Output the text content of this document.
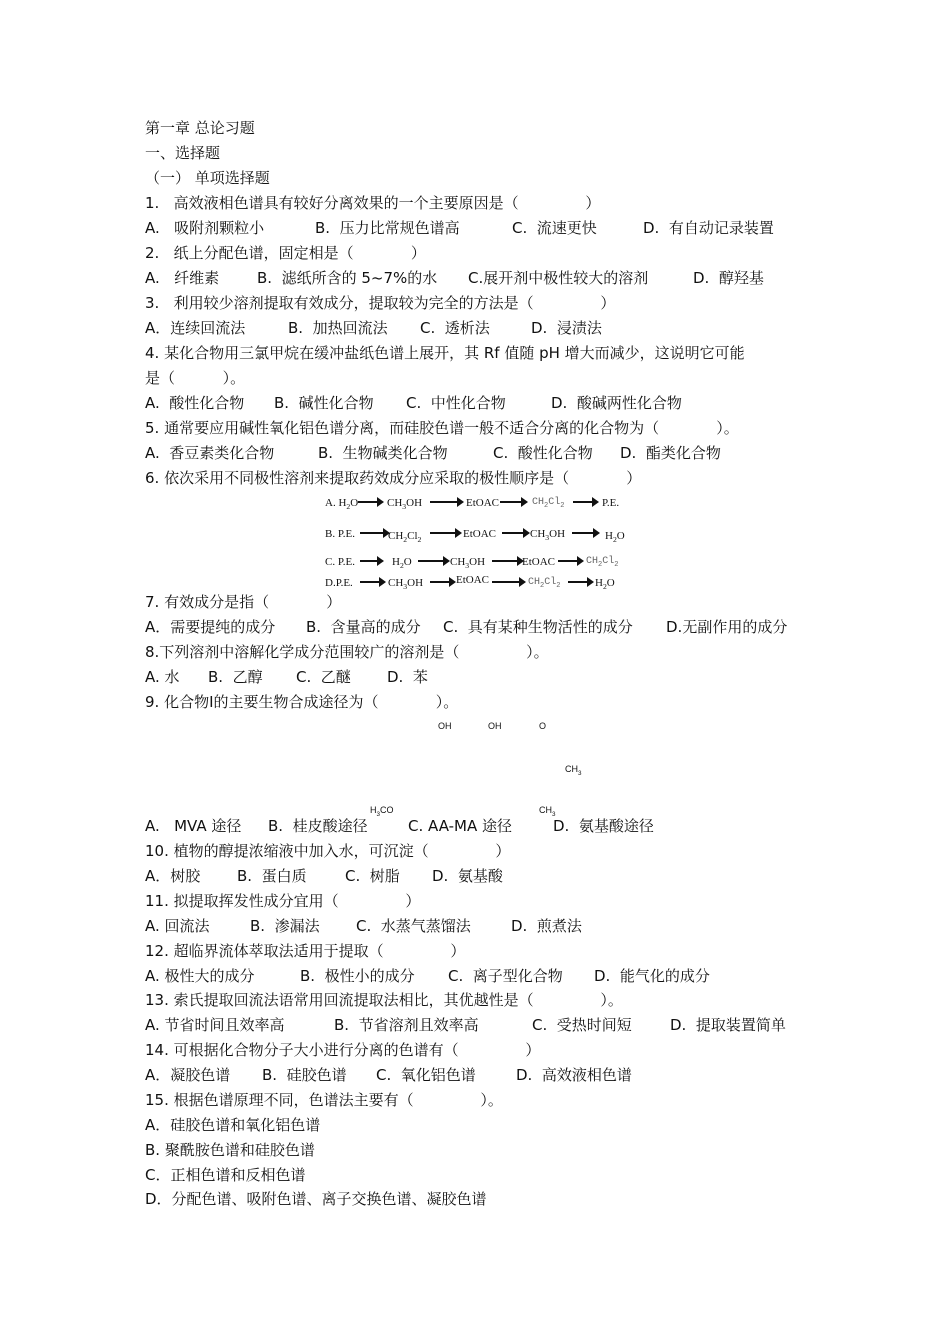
第一章 总论习题
一、选择题
（一） 单项选择题
1.   高效液相色谱具有较好分离效果的一个主要原因是（              ）
A.   吸附剂颗粒小	B.  压力比常规色谱高	C.  流速更快	D.  有自动记录装置
2.   纸上分配色谱，固定相是（            ）
A.   纤维素	B.  滤纸所含的 5~7%的水 C.展开剂中极性较大的溶剂	D.  醇羟基
3.   利用较少溶剂提取有效成分，提取较为完全的方法是（              ）
A．连续回流法	B.  加热回流法 C.  透析法	D.  浸渍法
4. 某化合物用三氯甲烷在缓冲盐纸色谱上展开，其 Rf 值随 pH 增大而减少，这说明它可能
是（          ）。
A.  酸性化合物 B.  碱性化合物 C.  中性化合物	D.  酸碱两性化合物
5. 通常要应用碱性氧化铝色谱分离，而硅胶色谱一般不适合分离的化合物为（            ）。
A.  香豆素类化合物	B.  生物碱类化合物	C.  酸性化合物 D.  酯类化合物
6. 依次采用不同极性溶剂来提取药效成分应采取的极性顺序是（            ）
A. $H_2O$	$CH_3OH$	EtOAC	$CH_2Cl_2$	P.E.
B. P.E.	$CH_2Cl_2$	EtOAC	$CH_3OH$	$H_2O$
C. P.E.	$H_2O$	$CH_3OH$	EtOAC	$CH_2Cl_2$
D.P.E.	$CH_3OH$	EtOAC	$CH_2Cl_2$	$H_2O$
7. 有效成分是指（            ）
A．需要提纯的成分 B.  含量高的成分 C.  具有某种生物活性的成分 D.无副作用的成分
8.下列溶剂中溶解化学成分范围较广的溶剂是（              ）。
A. 水 B.  乙醇 C.  乙醚 D.  苯
9. 化合物Ⅰ的主要生物合成途径为（            ）。
OH	OH	O
$CH_3$
$H_3CO$	$CH_3$
A.   MVA 途径 B.  桂皮酸途径	C. AA-MA 途径	D.  氨基酸途径
10. 植物的醇提浓缩液中加入水，可沉淀（              ）
A．树胶 B.  蛋白质	C.  树脂 D.  氨基酸
11. 拟提取挥发性成分宜用（              ）
A. 回流法	B.  渗漏法 C.  水蒸气蒸馏法	D.  煎煮法
12. 超临界流体萃取法适用于提取（              ）
A. 极性大的成分	B.  极性小的成分 C.  离子型化合物 D.  能气化的成分
13. 索氏提取回流法语常用回流提取法相比，其优越性是（              ）。
A. 节省时间且效率高	B.  节省溶剂且效率高	C.  受热时间短	D.  提取装置简单
14. 可根据化合物分子大小进行分离的色谱有（              ）
A．凝胶色谱 B.  硅胶色谱 C.  氧化铝色谱	D.  高效液相色谱
15. 根据色谱原理不同，色谱法主要有（              ）。
A．硅胶色谱和氧化铝色谱
B. 聚酰胺色谱和硅胶色谱
C．正相色谱和反相色谱
D．分配色谱、吸附色谱、离子交换色谱、凝胶色谱
